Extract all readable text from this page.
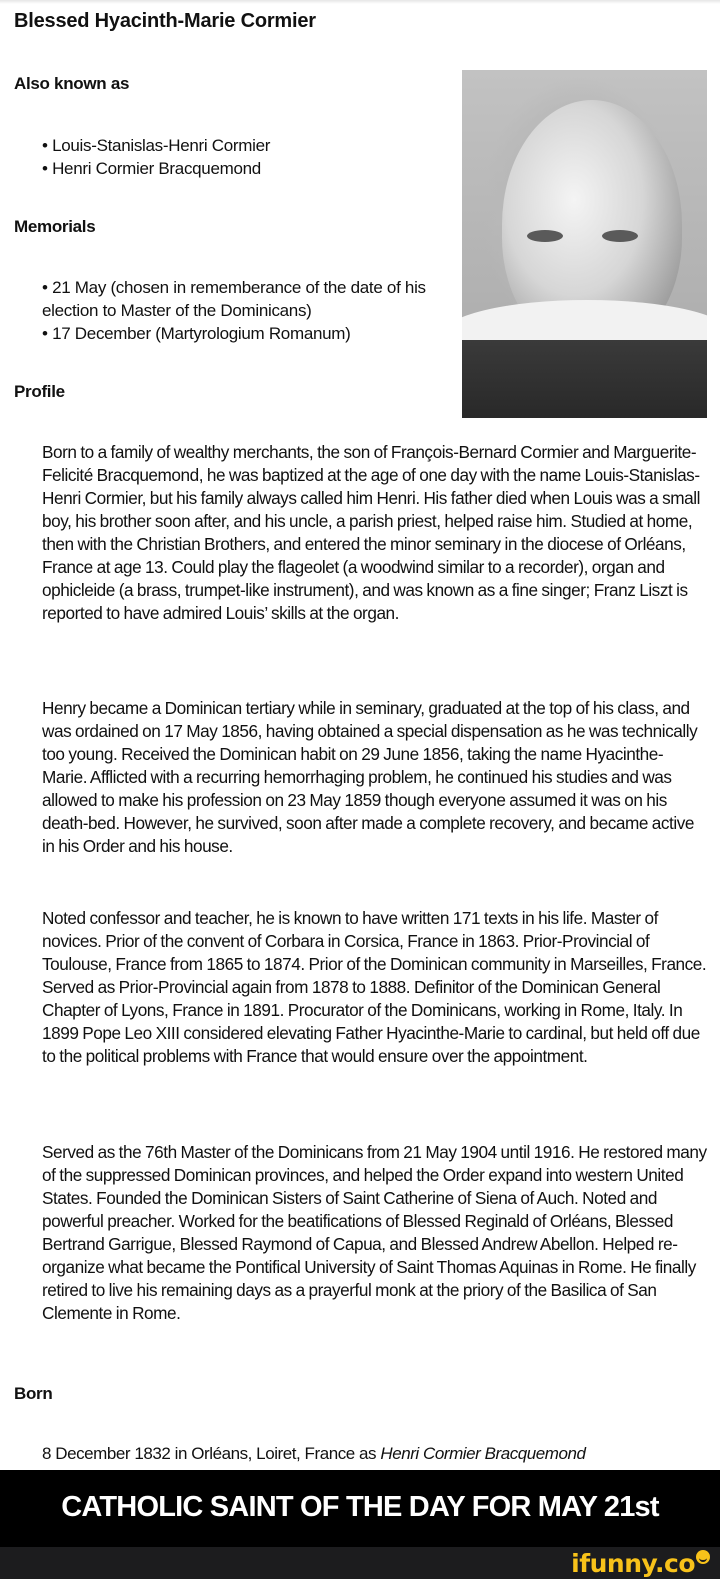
Blessed Hyacinth-Marie Cormier
Also known as
• Louis-Stanislas-Henri Cormier
• Henri Cormier Bracquemond
Memorials
• 21 May (chosen in rememberance of the date of his election to Master of the Dominicans)
• 17 December (Martyrologium Romanum)
Profile
Born to a family of wealthy merchants, the son of François-Bernard Cormier and Marguerite-Felicité Bracquemond, he was baptized at the age of one day with the name Louis-Stanislas-Henri Cormier, but his family always called him Henri. His father died when Louis was a small boy, his brother soon after, and his uncle, a parish priest, helped raise him. Studied at home, then with the Christian Brothers, and entered the minor seminary in the diocese of Orléans, France at age 13. Could play the flageolet (a woodwind similar to a recorder), organ and ophicleide (a brass, trumpet-like instrument), and was known as a fine singer; Franz Liszt is reported to have admired Louis’ skills at the organ.
Henry became a Dominican tertiary while in seminary, graduated at the top of his class, and was ordained on 17 May 1856, having obtained a special dispensation as he was technically too young. Received the Dominican habit on 29 June 1856, taking the name Hyacinthe-Marie. Afflicted with a recurring hemorrhaging problem, he continued his studies and was allowed to make his profession on 23 May 1859 though everyone assumed it was on his death-bed. However, he survived, soon after made a complete recovery, and became active in his Order and his house.
Noted confessor and teacher, he is known to have written 171 texts in his life. Master of novices. Prior of the convent of Corbara in Corsica, France in 1863. Prior-Provincial of Toulouse, France from 1865 to 1874. Prior of the Dominican community in Marseilles, France. Served as Prior-Provincial again from 1878 to 1888. Definitor of the Dominican General Chapter of Lyons, France in 1891. Procurator of the Dominicans, working in Rome, Italy. In 1899 Pope Leo XIII considered elevating Father Hyacinthe-Marie to cardinal, but held off due to the political problems with France that would ensure over the appointment.
Served as the 76th Master of the Dominicans from 21 May 1904 until 1916. He restored many of the suppressed Dominican provinces, and helped the Order expand into western United States. Founded the Dominican Sisters of Saint Catherine of Siena of Auch. Noted and powerful preacher. Worked for the beatifications of Blessed Reginald of Orléans, Blessed Bertrand Garrigue, Blessed Raymond of Capua, and Blessed Andrew Abellon. Helped re-organize what became the Pontifical University of Saint Thomas Aquinas in Rome. He finally retired to live his remaining days as a prayerful monk at the priory of the Basilica of San Clemente in Rome.
Born
8 December 1832 in Orléans, Loiret, France as Henri Cormier Bracquemond
CATHOLIC SAINT OF THE DAY FOR MAY 21st
ifunny.co
